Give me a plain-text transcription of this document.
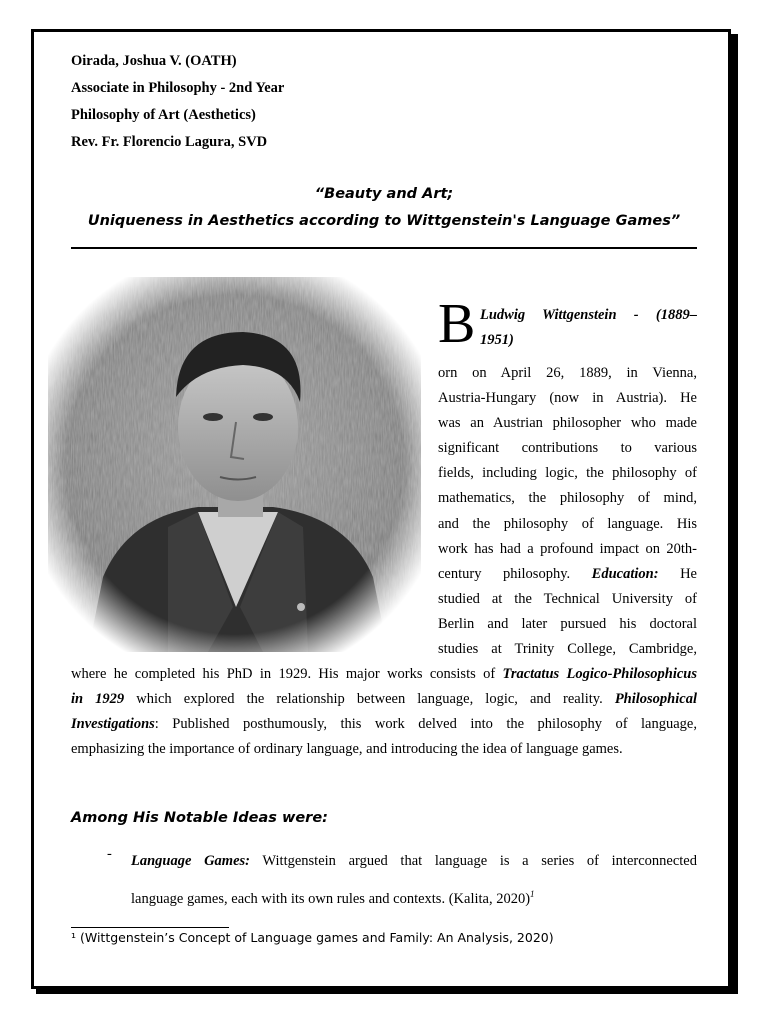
Oirada, Joshua V. (OATH)
Associate in Philosophy - 2nd Year
Philosophy of Art (Aesthetics)
Rev. Fr. Florencio Lagura, SVD
“Beauty and Art;
Uniqueness in Aesthetics according to Wittgenstein's Language Games”
B Ludwig Wittgenstein - (1889–
1951)
orn on April 26, 1889, in Vienna,
Austria-Hungary (now in Austria). He
was an Austrian philosopher who made
significant contributions to various
fields, including logic, the philosophy of
mathematics, the philosophy of mind,
and the philosophy of language. His
work has had a profound impact on 20th-
century philosophy. Education: He
studied at the Technical University of
Berlin and later pursued his doctoral
studies at Trinity College, Cambridge,
where he completed his PhD in 1929. His major works consists of Tractatus Logico-Philosophicus
in 1929 which explored the relationship between language, logic, and reality. Philosophical
Investigations: Published posthumously, this work delved into the philosophy of language,
emphasizing the importance of ordinary language, and introducing the idea of language games.
Among His Notable Ideas were:
- Language Games: Wittgenstein argued that language is a series of interconnected
language games, each with its own rules and contexts. (Kalita, 2020)$^1$
¹ (Wittgenstein’s Concept of Language games and Family: An Analysis, 2020)
